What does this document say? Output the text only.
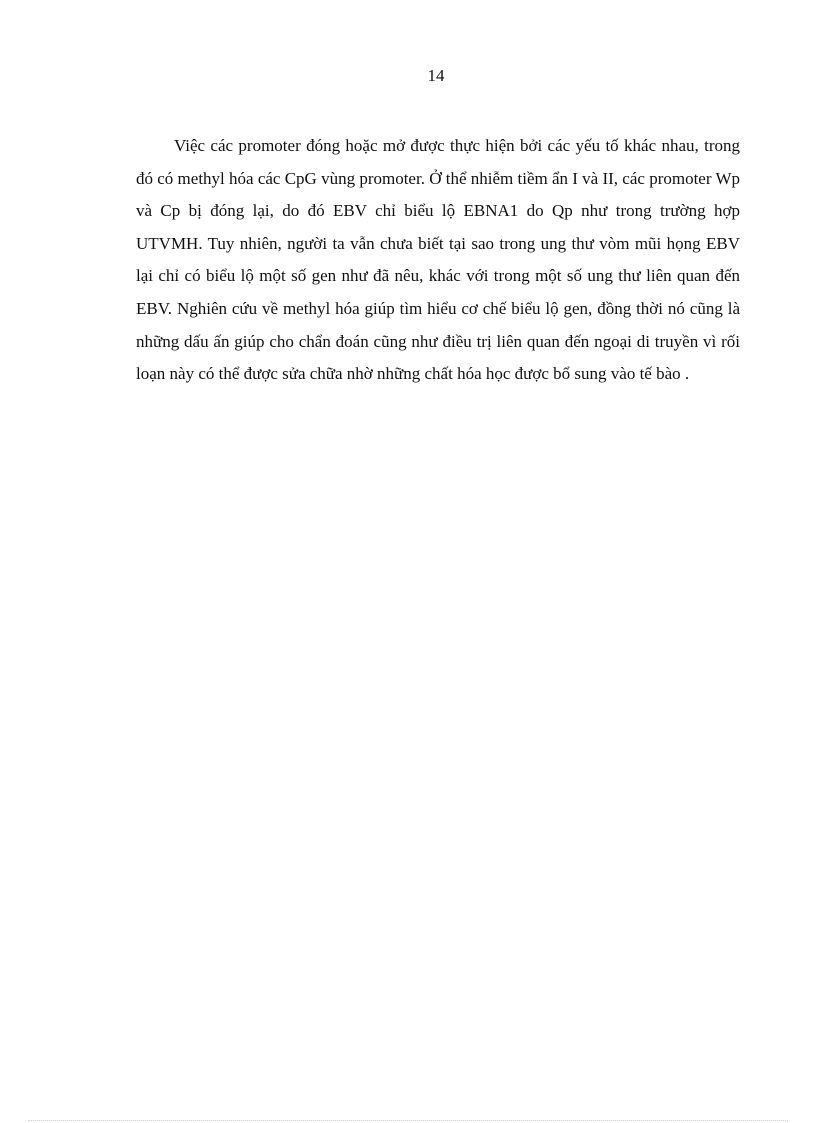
14

Việc các promoter đóng hoặc mở được thực hiện bởi các yếu tố khác nhau, trong đó có methyl hóa các CpG vùng promoter. Ở thể nhiễm tiềm ẩn I và II, các promoter Wp và Cp bị đóng lại, do đó EBV chỉ biểu lộ EBNA1 do Qp như trong trường hợp UTVMH. Tuy nhiên, người ta vẫn chưa biết tại sao trong ung thư vòm mũi họng EBV lại chỉ có biểu lộ một số gen như đã nêu, khác với trong một số ung thư liên quan đến EBV. Nghiên cứu về methyl hóa giúp tìm hiểu cơ chế biểu lộ gen, đồng thời nó cũng là những dấu ấn giúp cho chẩn đoán cũng như điều trị liên quan đến ngoại di truyền vì rối loạn này có thể được sửa chữa nhờ những chất hóa học được bổ sung vào tế bào .
